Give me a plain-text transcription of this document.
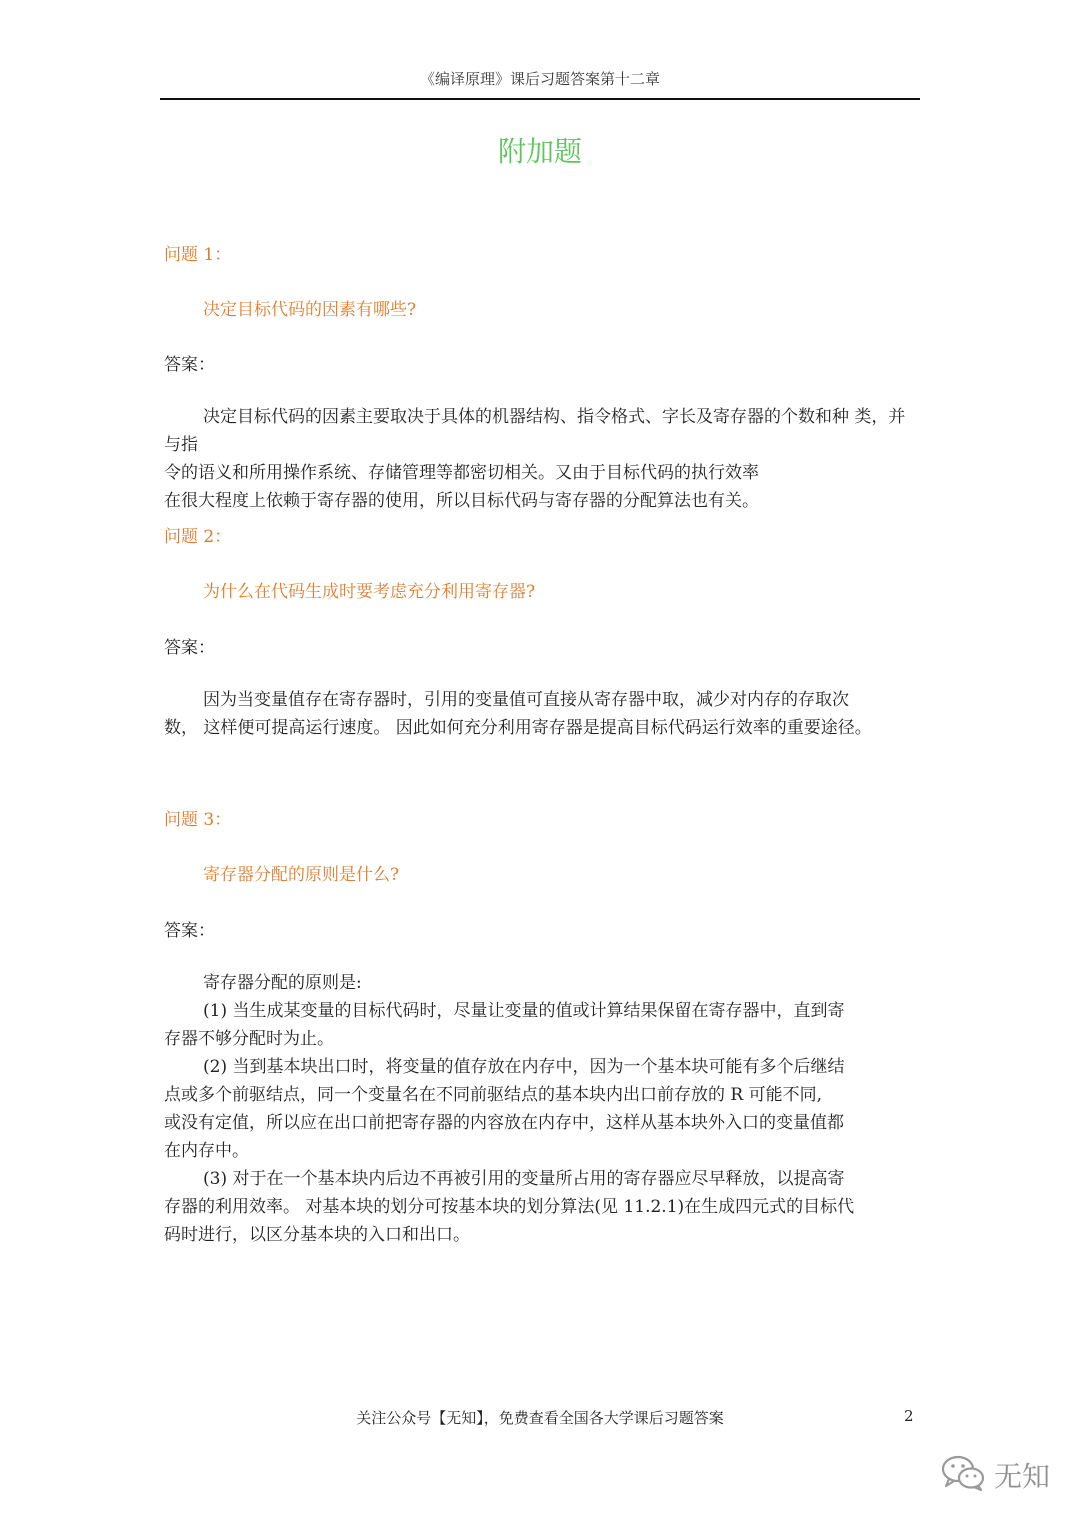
《编译原理》课后习题答案第十二章
附加题
问题 1：
决定目标代码的因素有哪些?
答案：

决定目标代码的因素主要取决于具体的机器结构、指令格式、字长及寄存器的个数和种 类，并与指

令的语义和所用操作系统、存储管理等都密切相关。又由于目标代码的执行效率

在很大程度上依赖于寄存器的使用，所以目标代码与寄存器的分配算法也有关。

问题 2：
为什么在代码生成时要考虑充分利用寄存器?
答案：

因为当变量值存在寄存器时，引用的变量值可直接从寄存器中取，减少对内存的存取次

数， 这样便可提高运行速度。 因此如何充分利用寄存器是提高目标代码运行效率的重要途径。

问题 3：
寄存器分配的原则是什么?
答案：

寄存器分配的原则是:

(1) 当生成某变量的目标代码时，尽量让变量的值或计算结果保留在寄存器中，直到寄

存器不够分配时为止。

(2) 当到基本块出口时，将变量的值存放在内存中，因为一个基本块可能有多个后继结

点或多个前驱结点，同一个变量名在不同前驱结点的基本块内出口前存放的 R 可能不同,

或没有定值，所以应在出口前把寄存器的内容放在内存中，这样从基本块外入口的变量值都

在内存中。

(3) 对于在一个基本块内后边不再被引用的变量所占用的寄存器应尽早释放，以提高寄

存器的利用效率。 对基本块的划分可按基本块的划分算法(见 11.2.1)在生成四元式的目标代

码时进行，以区分基本块的入口和出口。

关注公众号【无知】，免费查看全国各大学课后习题答案	2
无知
